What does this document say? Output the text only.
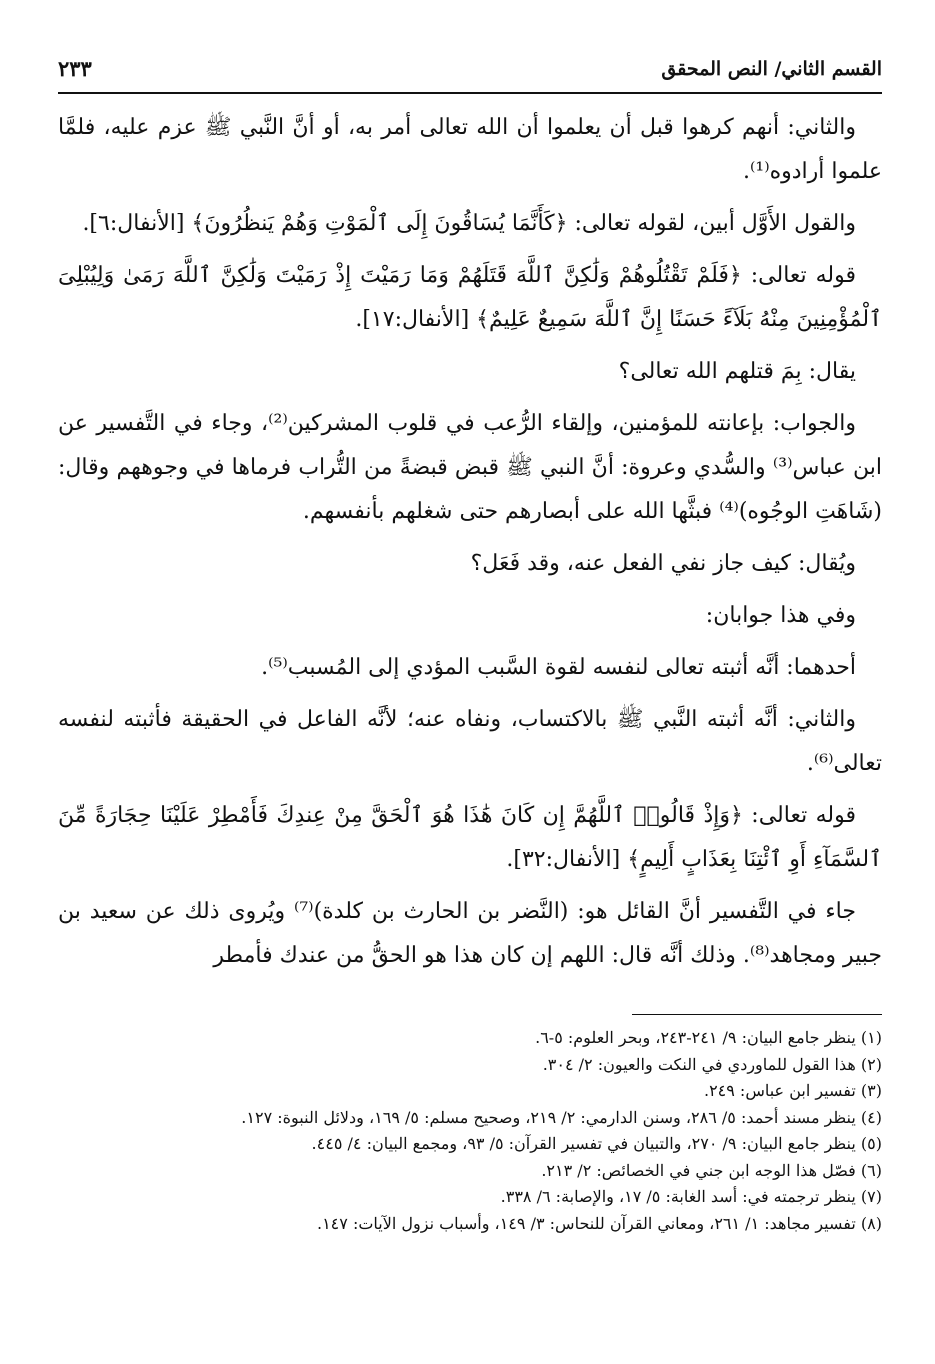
القسم الثاني/ النص المحقق
٢٣٣

والثاني: أنهم كرهوا قبل أن يعلموا أن الله تعالى أمر به، أو أنَّ النَّبي ﷺ عزم عليه، فلمَّا علموا أرادوه⁽¹⁾.

والقول الأَوَّل أبين، لقوله تعالى: ﴿كَأَنَّمَا يُسَاقُونَ إِلَى ٱلْمَوْتِ وَهُمْ يَنظُرُونَ﴾ [الأنفال:٦].

قوله تعالى: ﴿فَلَمْ تَقْتُلُوهُمْ وَلَٰكِنَّ ٱللَّهَ قَتَلَهُمْ وَمَا رَمَيْتَ إِذْ رَمَيْتَ وَلَٰكِنَّ ٱللَّهَ رَمَىٰ وَلِيُبْلِىَ ٱلْمُؤْمِنِينَ مِنْهُ بَلَآءً حَسَنًا إِنَّ ٱللَّهَ سَمِيعٌ عَلِيمٌ﴾ [الأنفال:١٧].

يقال: بِمَ قتلهم الله تعالى؟

والجواب: بإعانته للمؤمنين، وإلقاء الرُّعب في قلوب المشركين⁽²⁾، وجاء في التَّفسير عن ابن عباس⁽³⁾ والسُّدي وعروة: أنَّ النبي ﷺ قبض قبضةً من التُّراب فرماها في وجوههم وقال: (شَاهَتِ الوجُوه)⁽⁴⁾ فبثَّها الله على أبصارهم حتى شغلهم بأنفسهم.

ويُقال: كيف جاز نفي الفعل عنه، وقد فَعَل؟

وفي هذا جوابان:

أحدهما: أنَّه أثبته تعالى لنفسه لقوة السَّبب المؤدي إلى المُسبب⁽⁵⁾.

والثاني: أنَّه أثبته النَّبي ﷺ بالاكتساب، ونفاه عنه؛ لأنَّه الفاعل في الحقيقة فأثبته لنفسه تعالى⁽⁶⁾.

قوله تعالى: ﴿وَإِذْ قَالُوا۟ ٱللَّهُمَّ إِن كَانَ هَٰذَا هُوَ ٱلْحَقَّ مِنْ عِندِكَ فَأَمْطِرْ عَلَيْنَا حِجَارَةً مِّنَ ٱلسَّمَآءِ أَوِ ٱئْتِنَا بِعَذَابٍ أَلِيمٍ﴾ [الأنفال:٣٢].

جاء في التَّفسير أنَّ القائل هو: (النَّضر بن الحارث بن كلدة)⁽⁷⁾ ويُروى ذلك عن سعيد بن جبير ومجاهد⁽⁸⁾. وذلك أنَّه قال: اللهم إن كان هذا هو الحقُّ من عندك فأمطر

(١) ينظر جامع البيان: ٩/ ٢٤١-٢٤٣، وبحر العلوم: ٥-٦.

(٢) هذا القول للماوردي في النكت والعيون: ٢/ ٣٠٤.

(٣) تفسير ابن عباس: ٢٤٩.

(٤) ينظر مسند أحمد: ٥/ ٢٨٦، وسنن الدارمي: ٢/ ٢١٩، وصحيح مسلم: ٥/ ١٦٩، ودلائل النبوة: ١٢٧.

(٥) ينظر جامع البيان: ٩/ ٢٧٠، والتبيان في تفسير القرآن: ٥/ ٩٣، ومجمع البيان: ٤/ ٤٤٥.

(٦) فصّل هذا الوجه ابن جني في الخصائص: ٢/ ٢١٣.

(٧) ينظر ترجمته في: أسد الغابة: ٥/ ١٧، والإصابة: ٦/ ٣٣٨.

(٨) تفسير مجاهد: ١/ ٢٦١، ومعاني القرآن للنحاس: ٣/ ١٤٩، وأسباب نزول الآيات: ١٤٧.
